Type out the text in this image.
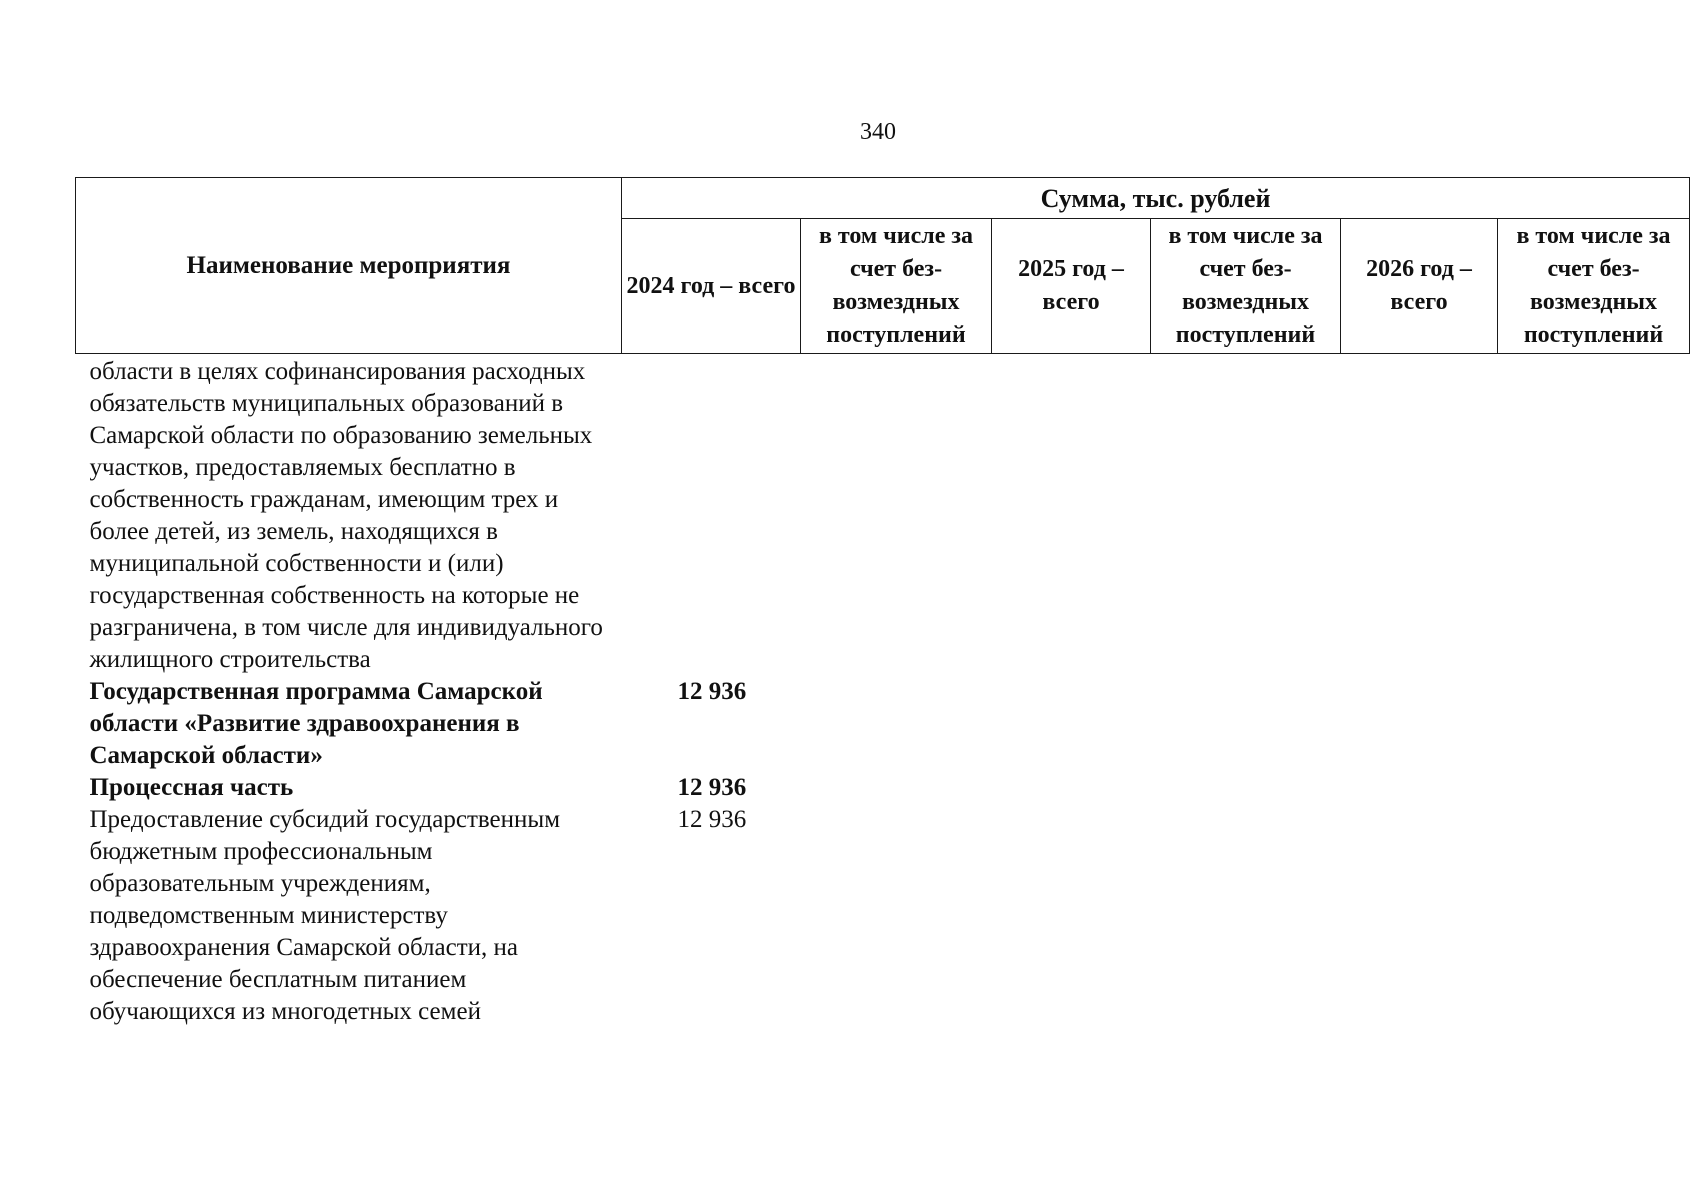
340
Наименование мероприятия	Сумма, тыс. рублей					
	2024 год – всего	в том числе за счет без-возмездных поступлений	2025 год – всего	в том числе за счет без-возмездных поступлений	2026 год – всего	в том числе за счет без-возмездных поступлений
области в целях софинансирования расходных обязательств муниципальных образований в Самарской области по образованию земельных участков, предоставляемых бесплатно в собственность гражданам, имеющим трех и более детей, из земель, находящихся в муниципальной собственности и (или) государственная собственность на которые не разграничена, в том числе для индивидуального жилищного строительства						
Государственная программа Самарской области «Развитие здравоохранения в Самарской области»	12 936					
Процессная часть	12 936					
Предоставление субсидий государственным бюджетным профессиональным образовательным учреждениям, подведомственным министерству здравоохранения Самарской области, на обеспечение бесплатным питанием обучающихся из многодетных семей	12 936					
